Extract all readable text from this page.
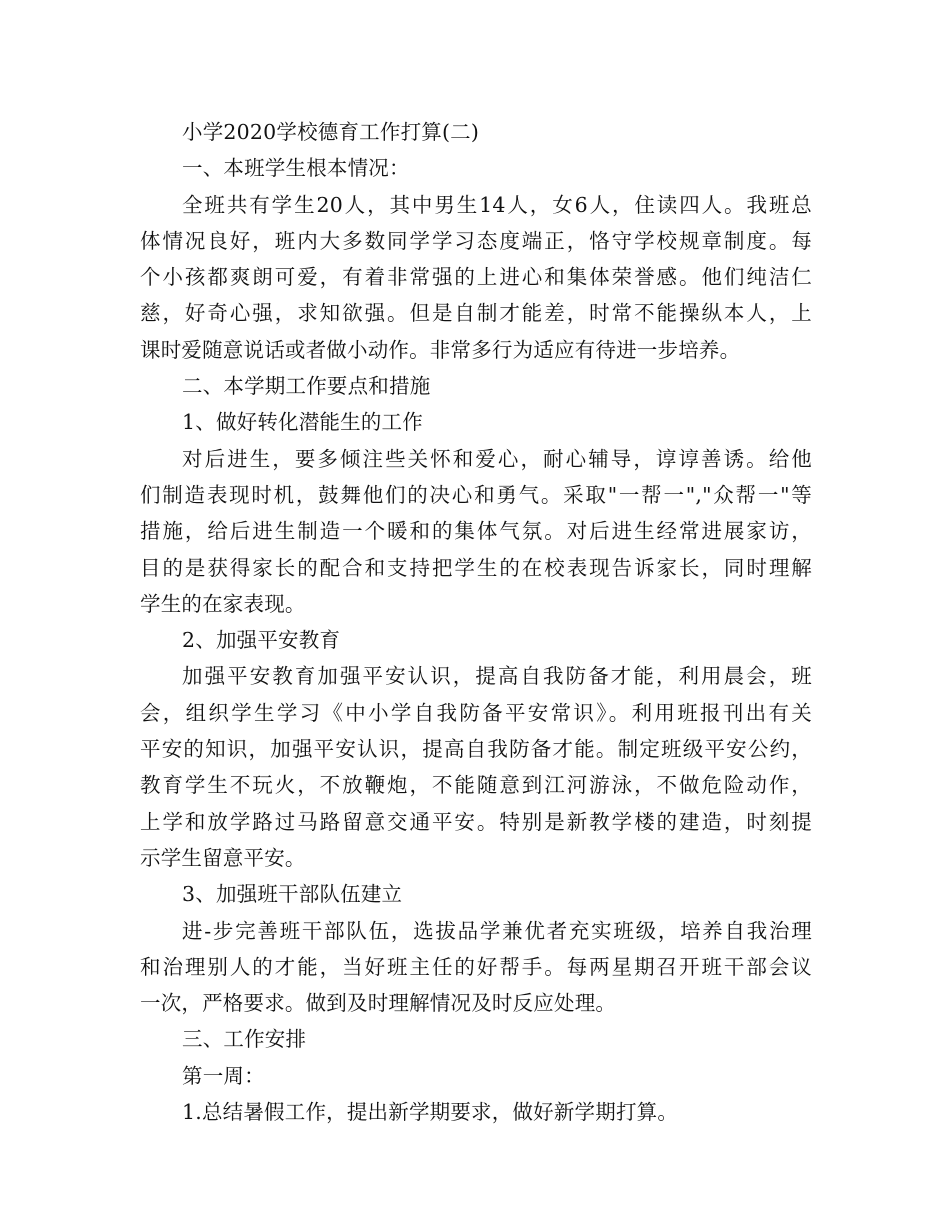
小学2020学校德育工作打算(二)
一、本班学生根本情况：
全班共有学生20人，其中男生14人，女6人，住读四人。我班总
体情况良好，班内大多数同学学习态度端正，恪守学校规章制度。每
个小孩都爽朗可爱，有着非常强的上进心和集体荣誉感。他们纯洁仁
慈，好奇心强，求知欲强。但是自制才能差，时常不能操纵本人，上
课时爱随意说话或者做小动作。非常多行为适应有待进一步培养。
二、本学期工作要点和措施
1、做好转化潜能生的工作
对后进生，要多倾注些关怀和爱心，耐心辅导，谆谆善诱。给他
们制造表现时机，鼓舞他们的决心和勇气。采取"一帮一","众帮一"等
措施，给后进生制造一个暖和的集体气氛。对后进生经常进展家访，
目的是获得家长的配合和支持把学生的在校表现告诉家长，同时理解
学生的在家表现。
2、加强平安教育
加强平安教育加强平安认识，提高自我防备才能，利用晨会，班
会，组织学生学习《中小学自我防备平安常识》。利用班报刊出有关
平安的知识，加强平安认识，提高自我防备才能。制定班级平安公约，
教育学生不玩火，不放鞭炮，不能随意到江河游泳，不做危险动作，
上学和放学路过马路留意交通平安。特别是新教学楼的建造，时刻提
示学生留意平安。
3、加强班干部队伍建立
进-步完善班干部队伍，选拔品学兼优者充实班级，培养自我治理
和治理别人的才能，当好班主任的好帮手。每两星期召开班干部会议
一次，严格要求。做到及时理解情况及时反应处理。
三、工作安排
第一周：
1.总结暑假工作，提出新学期要求，做好新学期打算。
